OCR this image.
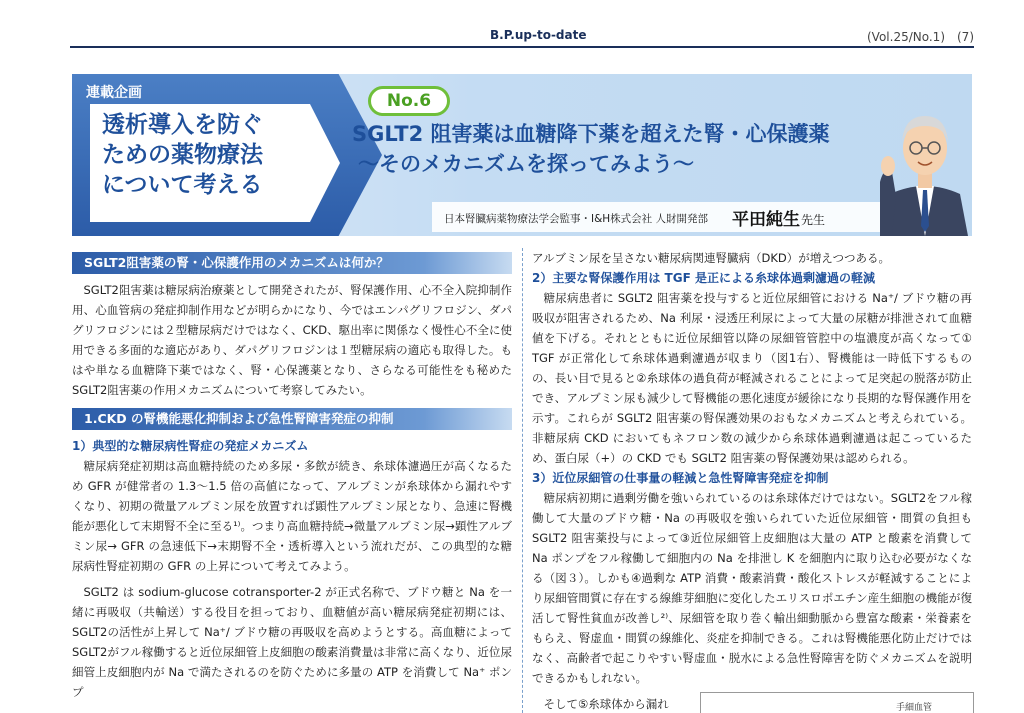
B.P.up-to-date	(Vol.25/No.1)　(7)
連載企画
透析導入を防ぐ
ための薬物療法
について考える
No.6
SGLT2 阻害薬は血糖降下薬を超えた腎・心保護薬
～そのメカニズムを探ってみよう～
日本腎臓病薬物療法学会監事・I&H株式会社 人財開発部 平田純生 先生
SGLT2阻害薬の腎・心保護作用のメカニズムは何か？

SGLT2阻害薬は糖尿病治療薬として開発されたが、腎保護作用、心不全入院抑制作用、心血管病の発症抑制作用などが明らかになり、今ではエンパグリフロジン、ダパグリフロジンには２型糖尿病だけではなく、CKD、駆出率に関係なく慢性心不全に使用できる多面的な適応があり、ダパグリフロジンは１型糖尿病の適応も取得した。もはや単なる血糖降下薬ではなく、腎・心保護薬となり、さらなる可能性をも秘めたSGLT2阻害薬の作用メカニズムについて考察してみたい。

1.CKD の腎機能悪化抑制および急性腎障害発症の抑制
1）典型的な糖尿病性腎症の発症メカニズム

糖尿病発症初期は高血糖持続のため多尿・多飲が続き、糸球体濾過圧が高くなるため GFR が健常者の 1.3～1.5 倍の高値になって、アルブミンが糸球体から漏れやすくなり、初期の微量アルブミン尿を放置すれば顕性アルブミン尿となり、急速に腎機能が悪化して末期腎不全に至る¹⁾。つまり高血糖持続→微量アルブミン尿→顕性アルブミン尿→ GFR の急速低下→末期腎不全・透析導入という流れだが、この典型的な糖尿病性腎症初期の GFR の上昇について考えてみよう。

SGLT2 は sodium-glucose cotransporter-2 が正式名称で、ブドウ糖と Na を一緒に再吸収（共輸送）する役目を担っており、血糖値が高い糖尿病発症初期には、SGLT2の活性が上昇して Na⁺/ ブドウ糖の再吸収を高めようとする。高血糖によってSGLT2がフル稼働すると近位尿細管上皮細胞の酸素消費量は非常に高くなり、近位尿細管上皮細胞内が Na で満たされるのを防ぐために多量の ATP を消費して Na⁺ ポンプ

アルブミン尿を呈さない糖尿病関連腎臓病（DKD）が増えつつある。

2）主要な腎保護作用は TGF 是正による糸球体過剰濾過の軽減

糖尿病患者に SGLT2 阻害薬を投与すると近位尿細管における Na⁺/ ブドウ糖の再吸収が阻害されるため、Na 利尿・浸透圧利尿によって大量の尿糖が排泄されて血糖値を下げる。それとともに近位尿細管以降の尿細管管腔中の塩濃度が高くなって① TGF が正常化して糸球体過剰濾過が収まり（図1右）、腎機能は一時低下するものの、長い目で見ると②糸球体の過負荷が軽減されることによって足突起の脱落が防止でき、アルブミン尿も減少して腎機能の悪化速度が緩徐になり長期的な腎保護作用を示す。これらが SGLT2 阻害薬の腎保護効果のおもなメカニズムと考えられている。非糖尿病 CKD においてもネフロン数の減少から糸球体過剰濾過は起こっているため、蛋白尿（+）の CKD でも SGLT2 阻害薬の腎保護効果は認められる。

3）近位尿細管の仕事量の軽減と急性腎障害発症を抑制

糖尿病初期に過剰労働を強いられているのは糸球体だけではない。SGLT2をフル稼働して大量のブドウ糖・Na の再吸収を強いられていた近位尿細管・間質の負担も SGLT2 阻害薬投与によって③近位尿細管上皮細胞は大量の ATP と酸素を消費して Na ポンプをフル稼働して細胞内の Na を排泄し K を細胞内に取り込む必要がなくなる（図３）。しかも④過剰な ATP 消費・酸素消費・酸化ストレスが軽減することにより尿細管間質に存在する線維芽細胞に変化したエリスロポエチン産生細胞の機能が復活して腎性貧血が改善し²⁾、尿細管を取り巻く輸出細動脈から豊富な酸素・栄養素をもらえ、腎虚血・間質の線維化、炎症を抑制できる。これは腎機能悪化防止だけではなく、高齢者で起こりやすい腎虚血・脱水による急性腎障害を防ぐメカニズムを説明できるかもしれない。

そして⑤糸球体から漏れ	手細血管
